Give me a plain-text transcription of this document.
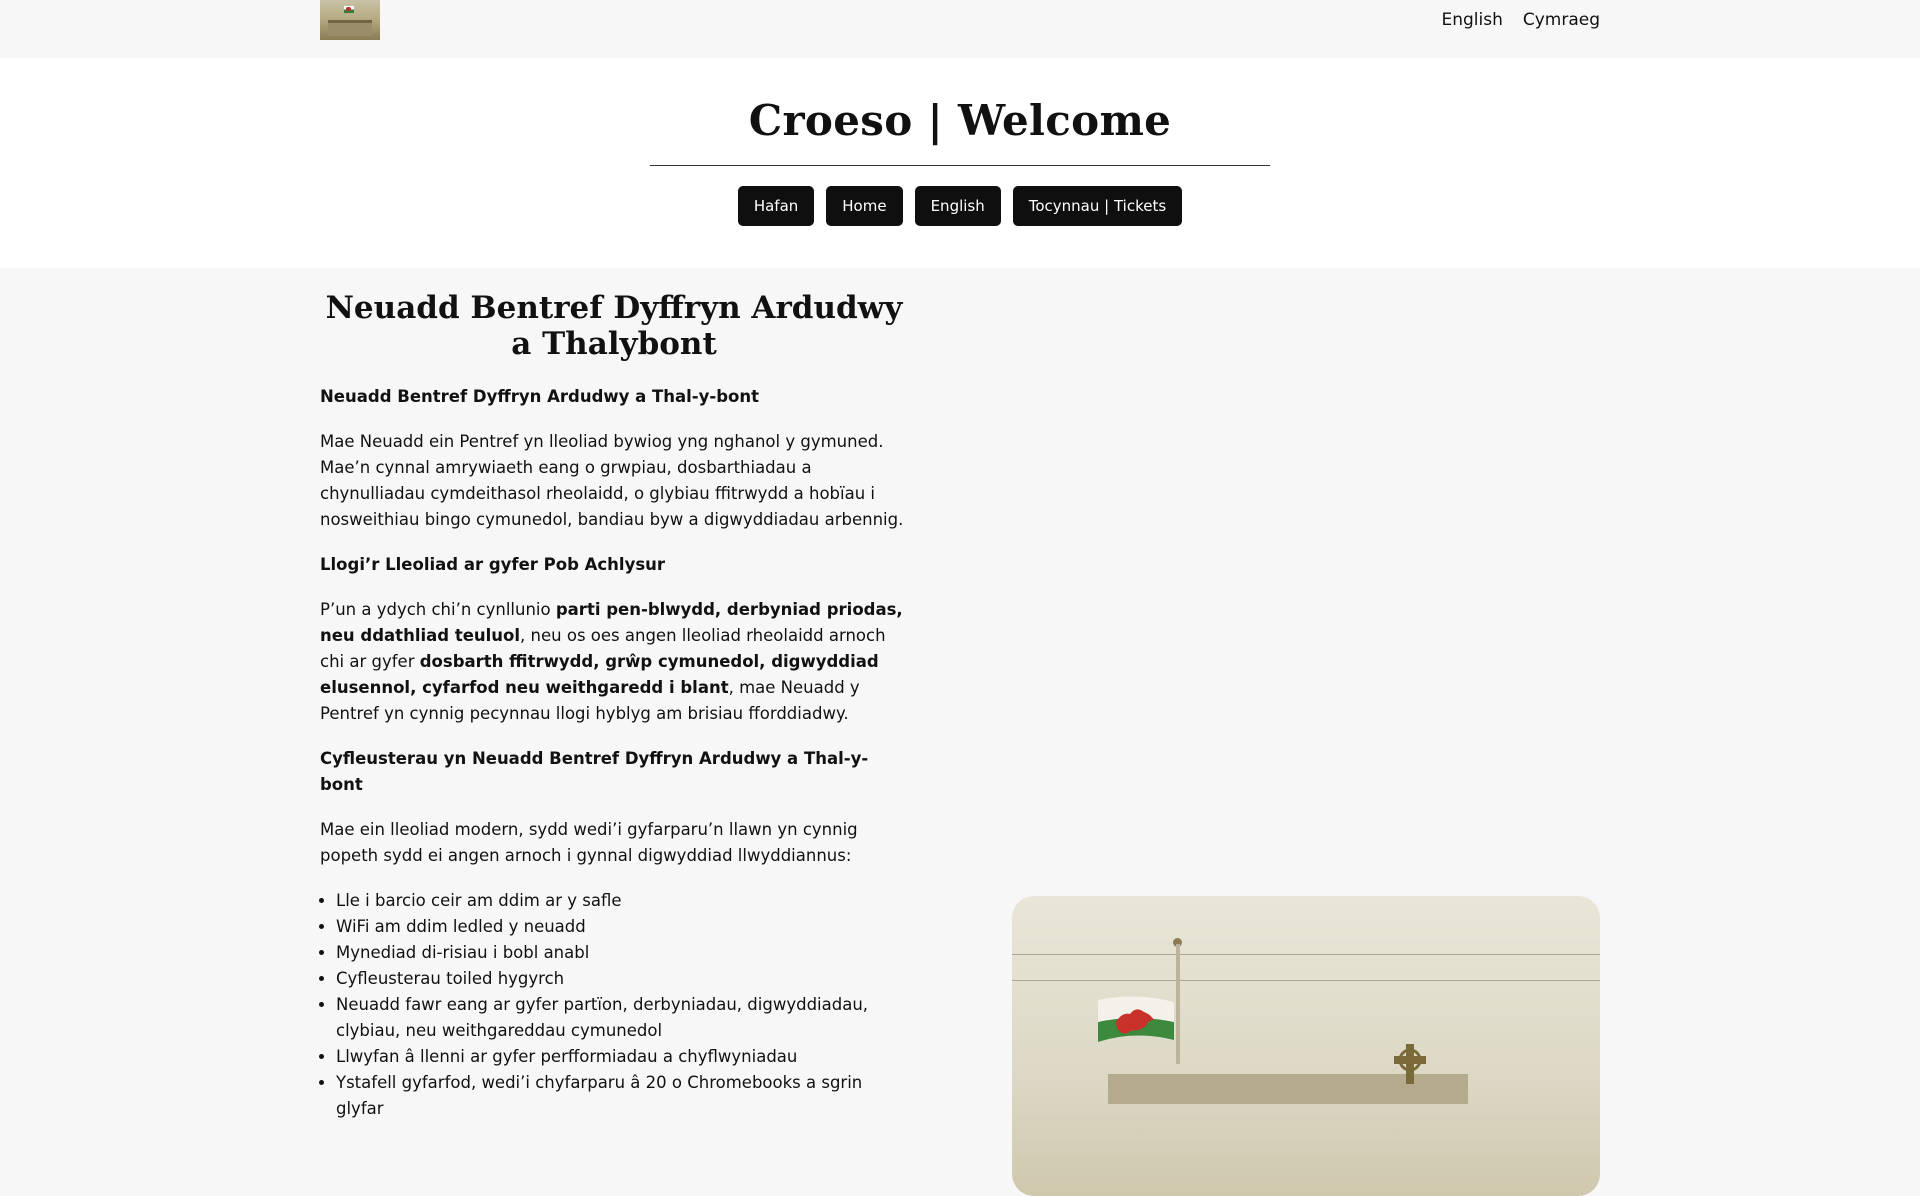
English Cymraeg
Croeso | Welcome
Hafan	Home	English	Tocynnau | Tickets
Neuadd Bentref Dyffryn Ardudwy a Thalybont

Neuadd Bentref Dyffryn Ardudwy a Thal-y-bont

Mae Neuadd ein Pentref yn lleoliad bywiog yng nghanol y gymuned. Mae’n cynnal amrywiaeth eang o grwpiau, dosbarthiadau a chynulliadau cymdeithasol rheolaidd, o glybiau ffitrwydd a hobïau i nosweithiau bingo cymunedol, bandiau byw a digwyddiadau arbennig.

Llogi’r Lleoliad ar gyfer Pob Achlysur

P’un a ydych chi’n cynllunio parti pen-blwydd, derbyniad priodas, neu ddathliad teuluol, neu os oes angen lleoliad rheolaidd arnoch chi ar gyfer dosbarth ffitrwydd, grŵp cymunedol, digwyddiad elusennol, cyfarfod neu weithgaredd i blant, mae Neuadd y Pentref yn cynnig pecynnau llogi hyblyg am brisiau fforddiadwy.

Cyfleusterau yn Neuadd Bentref Dyffryn Ardudwy a Thal-y-bont

Mae ein lleoliad modern, sydd wedi’i gyfarparu’n llawn yn cynnig popeth sydd ei angen arnoch i gynnal digwyddiad llwyddiannus:

• Lle i barcio ceir am ddim ar y safle
• WiFi am ddim ledled y neuadd
• Mynediad di-risiau i bobl anabl
• Cyfleusterau toiled hygyrch
• Neuadd fawr eang ar gyfer partïon, derbyniadau, digwyddiadau, clybiau, neu weithgareddau cymunedol
• Llwyfan â llenni ar gyfer perfformiadau a chyflwyniadau
• Ystafell gyfarfod, wedi’i chyfarparu â 20 o Chromebooks a sgrin glyfar
